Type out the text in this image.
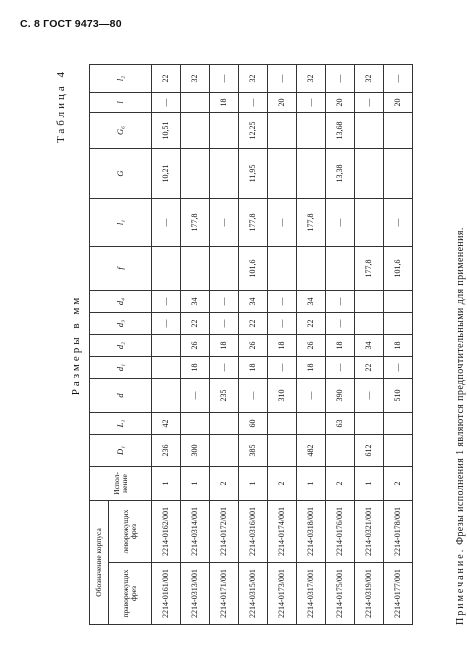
С. 8 ГОСТ 9473—80
Таблица 4
Размеры в мм
Обозначение корпуса		Испол-нение	D₁	L₁	d	d₁	d₂	d₃	d₄	f	l₁	G	G₆	l	l₂
праворежущих фрез	леворежущих фрез														
2214-0161/001	2214-0162/001	1	236	42				—	—		—	10,21	10,51	—	22
2214-0313/001	2214-0314/001	1	300		—	18	26	22	34		177,8				32
2214-0171/001	2214-0172/001	2			235	—	18	—	—		—			18	—
2214-0315/001	2214-0316/001	1	385	60	—	18	26	22	34	101,6	177,8	11,95	12,25	—	32
2214-0173/001	2214-0174/001	2			310	—	18	—	—		—			20	—
2214-0317/001	2214-0318/001	1	482		—	18	26	22	34		177,8			—	32
2214-0175/001	2214-0176/001	2		63	390	—	18	—	—		—	13,38	13,68	20	—
2214-0319/001	2214-0321/001	1	612		—	22	34			177,8				—	32
2214-0177/001	2214-0178/001	2			510	—	18			101,6	—			20	—
Примечание. Фрезы исполнения 1 являются предпочтительными для применения.
